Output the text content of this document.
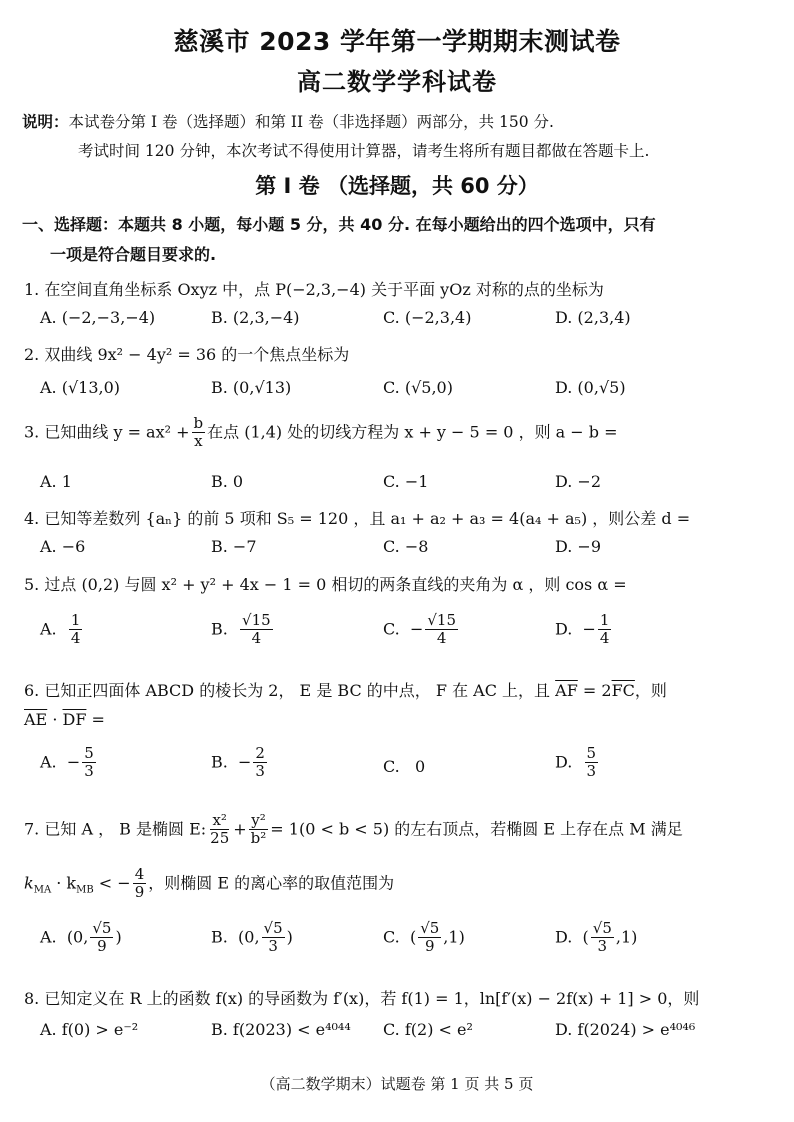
慈溪市 2023 学年第一学期期末测试卷
高二数学学科试卷
说明：本试卷分第 I 卷（选择题）和第 II 卷（非选择题）两部分，共 150 分.
考试时间 120 分钟，本次考试不得使用计算器，请考生将所有题目都做在答题卡上.
第 I 卷 （选择题，共 60 分）
一、选择题：本题共 8 小题，每小题 5 分，共 40 分. 在每小题给出的四个选项中，只有
一项是符合题目要求的.
1. 在空间直角坐标系 Oxyz 中，点 P(−2,3,−4) 关于平面 yOz 对称的点的坐标为
A. (−2,−3,−4)	B. (2,3,−4)	C. (−2,3,4)	D. (2,3,4)
2. 双曲线 9x² − 4y² = 36 的一个焦点坐标为
A. (√13,0)	B. (0,√13)	C. (√5,0)	D. (0,√5)
3. 已知曲线 $y = ax^2 + \frac{b}{x}$ 在点 (1,4) 处的切线方程为 x + y − 5 = 0 ，则 a − b =
A. 1	B. 0	C. −1	D. −2
4. 已知等差数列 {aₙ} 的前 5 项和 S₅ = 120 ，且 a₁ + a₂ + a₃ = 4(a₄ + a₅) ，则公差 d =
A. −6	B. −7	C. −8	D. −9
5. 过点 (0,2) 与圆 x² + y² + 4x − 1 = 0 相切的两条直线的夹角为 α ，则 cos α =
A. $\frac{1}{4}$	B. $\frac{√15}{4}$	C. − $\frac{√15}{4}$	D. − $\frac{1}{4}$
6. 已知正四面体 ABCD 的棱长为 2， E 是 BC 的中点， F 在 AC 上，且 $\overline{AF} = 2\overline{FC}$，则
$\overline{AE} \cdot \overline{DF}$ =
A. − $\frac{5}{3}$	B. − $\frac{2}{3}$	C. 0	D. $\frac{5}{3}$
7. 已知 A ， B 是椭圆 E: $\frac{\text{x²}}{25} + \frac{\text{y²}}{\text{b²}} = 1(0 < b < 5)$ 的左右顶点，若椭圆 E 上存在点 M 满足
$k_{MA} \cdot k_{MB}$ < − $\frac{4}{9}$ ，则椭圆 E 的离心率的取值范围为
A. (0, $\frac{√5}{9}$ )	B. (0, $\frac{√5}{3}$ )	C. ( $\frac{√5}{9} ,1$)	D. ( $\frac{√5}{3} ,1$)
8. 已知定义在 R 上的函数 f(x) 的导函数为 f′(x)，若 f(1) = 1，ln[f′(x) − 2f(x) + 1] > 0，则
A. f(0) > e⁻²	B. f(2023) < e⁴⁰⁴⁴ C. f(2) < e²	D. f(2024) > e⁴⁰⁴⁶
（高二数学期末）试题卷 第 1 页 共 5 页
